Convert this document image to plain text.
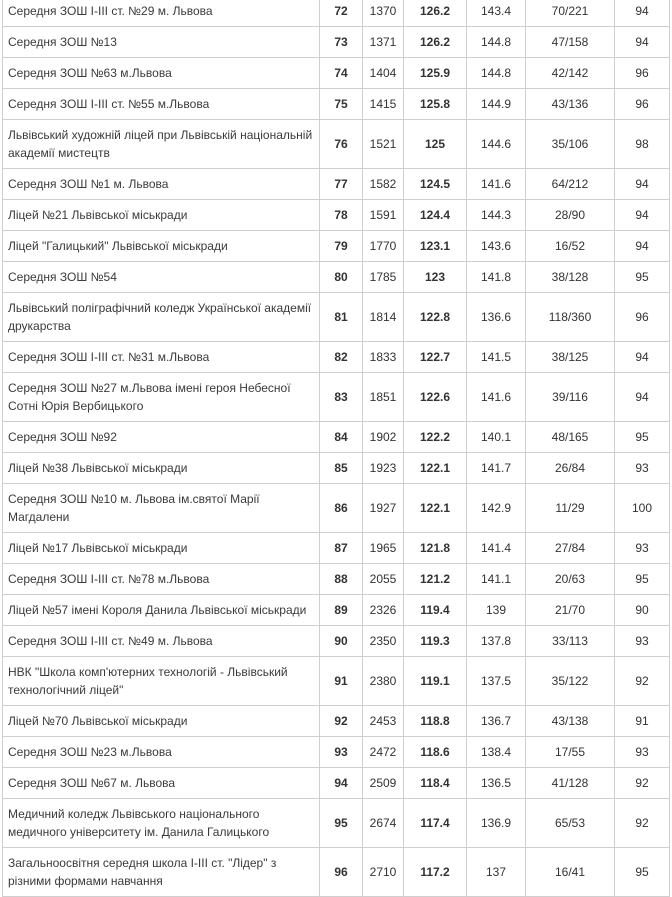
Середня ЗОШ І-ІІІ ст. №29 м. Львова	72	1370	126.2	143.4	70/221	94
Середня ЗОШ №13	73	1371	126.2	144.8	47/158	94
Середня ЗОШ №63 м.Львова	74	1404	125.9	144.8	42/142	96
Середня ЗОШ І-ІІІ ст. №55 м.Львова	75	1415	125.8	144.9	43/136	96
Львівський художній ліцей при Львівській національній академії мистецтв	76	1521	125	144.6	35/106	98
Середня ЗОШ №1 м. Львова	77	1582	124.5	141.6	64/212	94
Ліцей №21 Львівської міськради	78	1591	124.4	144.3	28/90	94
Ліцей "Галицький" Львівської міськради	79	1770	123.1	143.6	16/52	94
Середня ЗОШ №54	80	1785	123	141.8	38/128	95
Львівський поліграфічний коледж Української академії друкарства	81	1814	122.8	136.6	118/360	96
Середня ЗОШ І-ІІІ ст. №31 м.Львова	82	1833	122.7	141.5	38/125	94
Середня ЗОШ №27 м.Львова імені героя Небесної Сотні Юрія Вербицького	83	1851	122.6	141.6	39/116	94
Середня ЗОШ №92	84	1902	122.2	140.1	48/165	95
Ліцей №38 Львівської міськради	85	1923	122.1	141.7	26/84	93
Середня ЗОШ №10 м. Львова ім.святої Марії Магдалени	86	1927	122.1	142.9	11/29	100
Ліцей №17 Львівської міськради	87	1965	121.8	141.4	27/84	93
Середня ЗОШ І-ІІІ ст. №78 м.Львова	88	2055	121.2	141.1	20/63	95
Ліцей №57 імені Короля Данила Львівської міськради	89	2326	119.4	139	21/70	90
Середня ЗОШ І-ІІІ ст. №49 м. Львова	90	2350	119.3	137.8	33/113	93
НВК "Школа комп'ютерних технологій - Львівський технологічний ліцей"	91	2380	119.1	137.5	35/122	92
Ліцей №70 Львівської міськради	92	2453	118.8	136.7	43/138	91
Середня ЗОШ №23 м.Львова	93	2472	118.6	138.4	17/55	93
Середня ЗОШ №67 м. Львова	94	2509	118.4	136.5	41/128	92
Медичний коледж Львівського національного медичного університету ім. Данила Галицького	95	2674	117.4	136.9	65/53	92
Загальноосвітня середня школа І-ІІІ ст. "Лідер" з різними формами навчання	96	2710	117.2	137	16/41	95
